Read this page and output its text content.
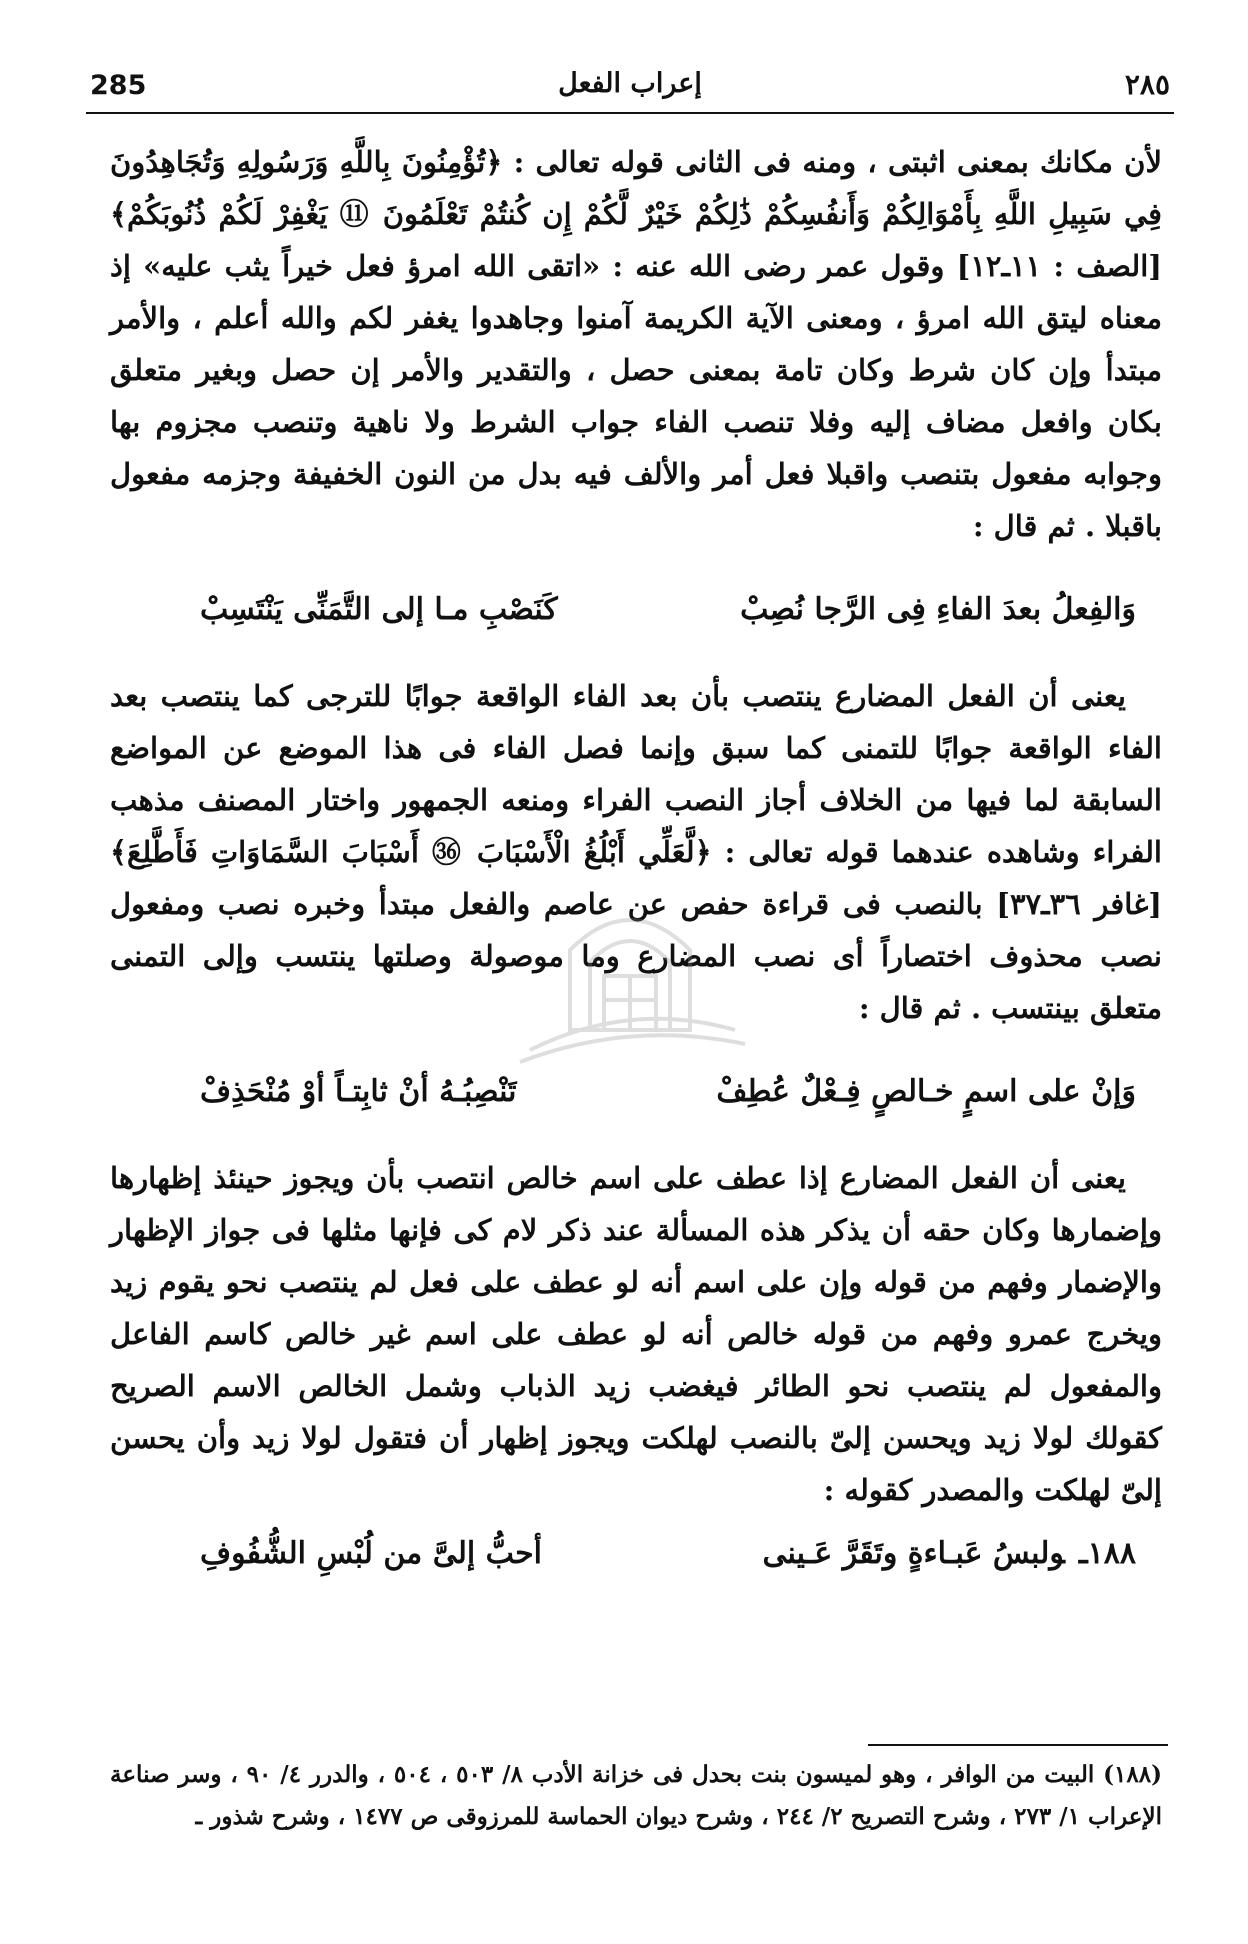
285	إعراب الفعل	٢٨٥

لأن مكانك بمعنى اثبتى ، ومنه فى الثانى قوله تعالى : ﴿تُؤْمِنُونَ بِاللَّهِ وَرَسُولِهِ وَتُجَاهِدُونَ فِي سَبِيلِ اللَّهِ بِأَمْوَالِكُمْ وَأَنفُسِكُمْ ذَٰلِكُمْ خَيْرٌ لَّكُمْ إِن كُنتُمْ تَعْلَمُونَ ⑪ يَغْفِرْ لَكُمْ ذُنُوبَكُمْ﴾ [الصف : ١١ـ١٢] وقول عمر رضى الله عنه : «اتقى الله امرؤ فعل خيراً يثب عليه» إذ معناه ليتق الله امرؤ ، ومعنى الآية الكريمة آمنوا وجاهدوا يغفر لكم والله أعلم ، والأمر مبتدأ وإن كان شرط وكان تامة بمعنى حصل ، والتقدير والأمر إن حصل وبغير متعلق بكان وافعل مضاف إليه وفلا تنصب الفاء جواب الشرط ولا ناهية وتنصب مجزوم بها وجوابه مفعول بتنصب واقبلا فعل أمر والألف فيه بدل من النون الخفيفة وجزمه مفعول باقبلا . ثم قال :

وَالفِعلُ بعدَ الفاءِ فِى الرَّجا نُصِبْ
كَنَصْبِ مـا إلى التَّمَنِّى يَنْتَسِبْ

يعنى أن الفعل المضارع ينتصب بأن بعد الفاء الواقعة جوابًا للترجى كما ينتصب بعد الفاء الواقعة جوابًا للتمنى كما سبق وإنما فصل الفاء فى هذا الموضع عن المواضع السابقة لما فيها من الخلاف أجاز النصب الفراء ومنعه الجمهور واختار المصنف مذهب الفراء وشاهده عندهما قوله تعالى : ﴿لَّعَلِّي أَبْلُغُ الْأَسْبَابَ ㊱ أَسْبَابَ السَّمَاوَاتِ فَأَطَّلِعَ﴾ [غافر ٣٦ـ٣٧] بالنصب فى قراءة حفص عن عاصم والفعل مبتدأ وخبره نصب ومفعول نصب محذوف اختصاراً أى نصب المضارع وما موصولة وصلتها ينتسب وإلى التمنى متعلق بينتسب . ثم قال :

وَإنْ على اسمٍ خـالصٍ فِـعْلٌ عُطِفْ
تَنْصِبُـهُ أنْ ثابِتـاً أوْ مُنْحَذِفْ

يعنى أن الفعل المضارع إذا عطف على اسم خالص انتصب بأن ويجوز حينئذ إظهارها وإضمارها وكان حقه أن يذكر هذه المسألة عند ذكر لام كى فإنها مثلها فى جواز الإظهار والإضمار وفهم من قوله وإن على اسم أنه لو عطف على فعل لم ينتصب نحو يقوم زيد ويخرج عمرو وفهم من قوله خالص أنه لو عطف على اسم غير خالص كاسم الفاعل والمفعول لم ينتصب نحو الطائر فيغضب زيد الذباب وشمل الخالص الاسم الصريح كقولك لولا زيد ويحسن إلىّ بالنصب لهلكت ويجوز إظهار أن فتقول لولا زيد وأن يحسن إلىّ لهلكت والمصدر كقوله :

١٨٨ـولبسُ عَبـاءةٍ وتَقَرَّ عَـينى
أحبُّ إلىَّ من لُبْسِ الشُّفُوفِ

(١٨٨) البيت من الوافر ، وهو لميسون بنت بحدل فى خزانة الأدب ٨/ ٥٠٣ ، ٥٠٤ ، والدرر ٤/ ٩٠ ، وسر صناعة الإعراب ١/ ٢٧٣ ، وشرح التصريح ٢/ ٢٤٤ ، وشرح ديوان الحماسة للمرزوقى ص ١٤٧٧ ، وشرح شذور ـ
